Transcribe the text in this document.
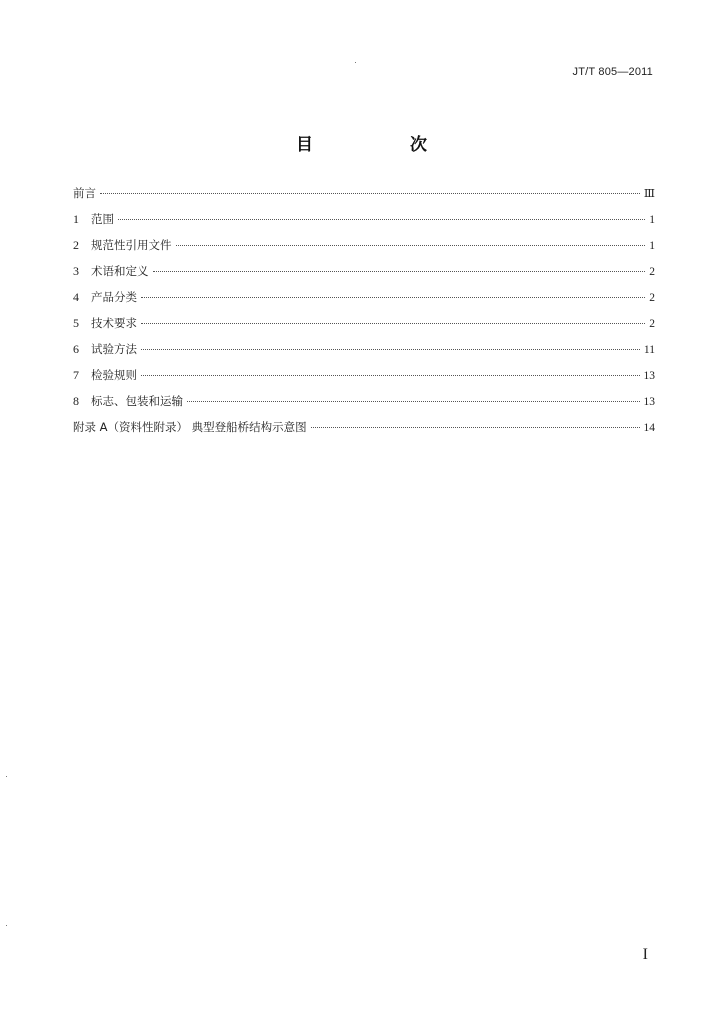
JT/T 805—2011
目　次
前言	Ⅲ
1	范围	1
2	规范性引用文件	1
3	术语和定义	2
4	产品分类	2
5	技术要求	2
6	试验方法	11
7	检验规则	13
8	标志、包装和运输	13
附录 A（资料性附录） 典型登船桥结构示意图	14
I
